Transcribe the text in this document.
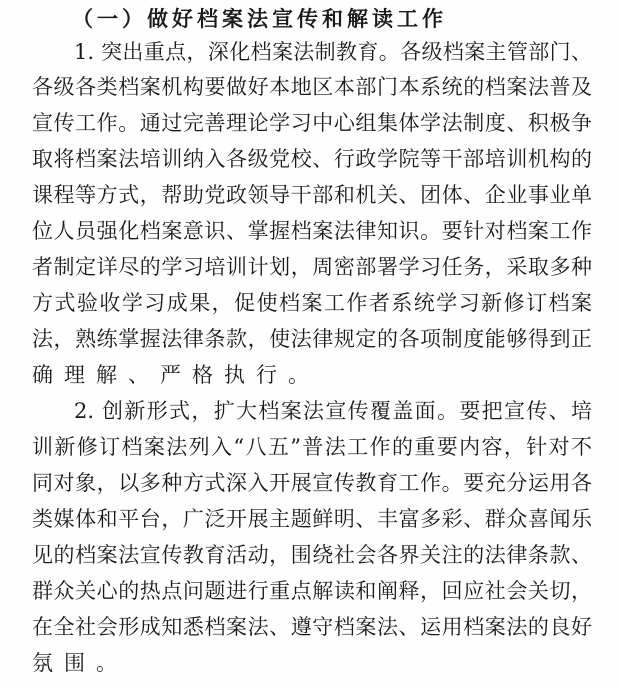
（一）做好档案法宣传和解读工作
1. 突出重点，深化档案法制教育。各级档案主管部门、
各级各类档案机构要做好本地区本部门本系统的档案法普及
宣传工作。通过完善理论学习中心组集体学法制度、积极争
取将档案法培训纳入各级党校、行政学院等干部培训机构的
课程等方式，帮助党政领导干部和机关、团体、企业事业单
位人员强化档案意识、掌握档案法律知识。要针对档案工作
者制定详尽的学习培训计划，周密部署学习任务，采取多种
方式验收学习成果，促使档案工作者系统学习新修订档案
法，熟练掌握法律条款，使法律规定的各项制度能够得到正
确理解、严格执行。
2. 创新形式，扩大档案法宣传覆盖面。要把宣传、培
训新修订档案法列入“八五”普法工作的重要内容，针对不
同对象，以多种方式深入开展宣传教育工作。要充分运用各
类媒体和平台，广泛开展主题鲜明、丰富多彩、群众喜闻乐
见的档案法宣传教育活动，围绕社会各界关注的法律条款、
群众关心的热点问题进行重点解读和阐释，回应社会关切，
在全社会形成知悉档案法、遵守档案法、运用档案法的良好
氛围。
